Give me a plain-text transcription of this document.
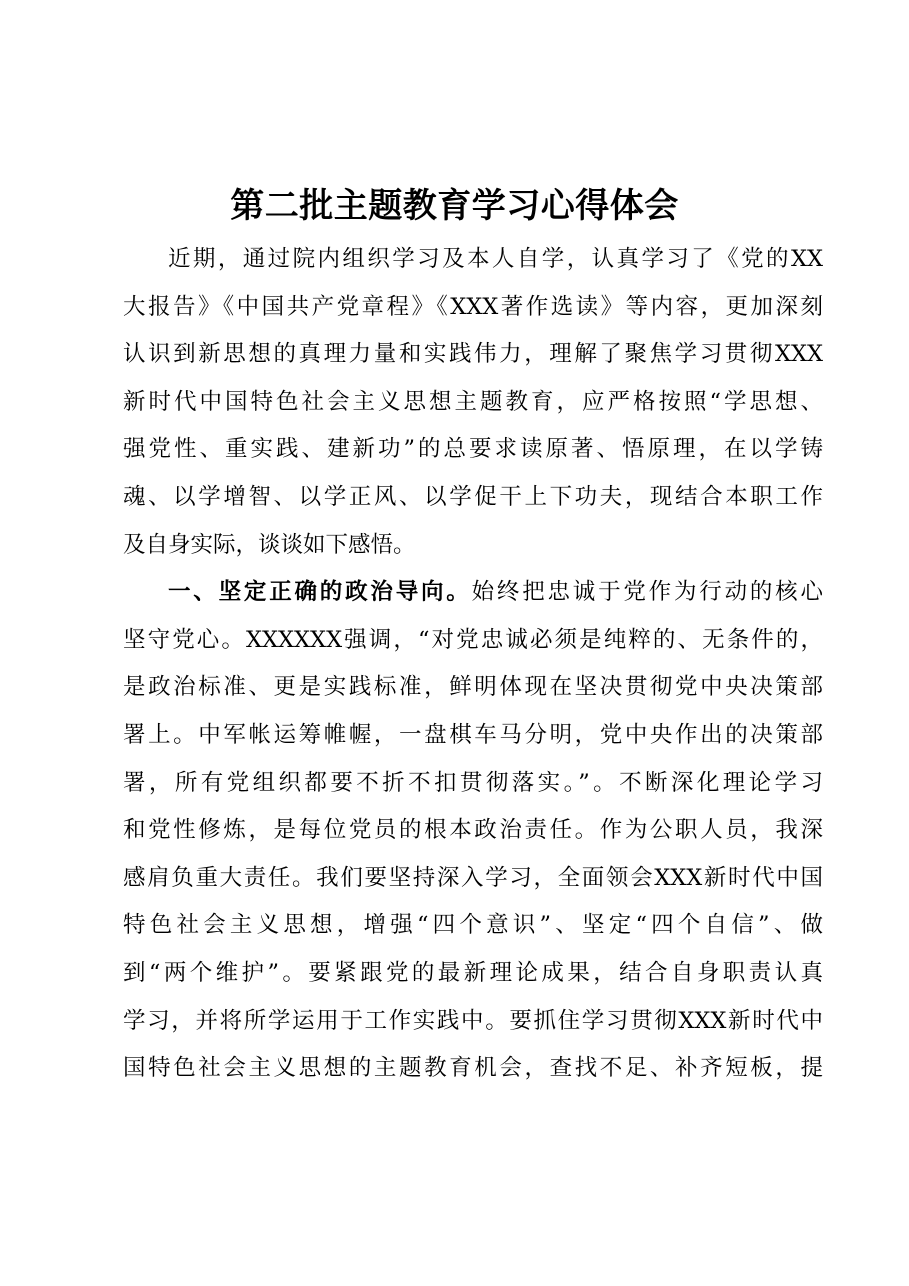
第二批主题教育学习心得体会
近期，通过院内组织学习及本人自学，认真学习了《党的XX
大报告》《中国共产党章程》《XXX著作选读》等内容，更加深刻
认识到新思想的真理力量和实践伟力，理解了聚焦学习贯彻XXX
新时代中国特色社会主义思想主题教育，应严格按照“学思想、
强党性、重实践、建新功”的总要求读原著、悟原理，在以学铸
魂、以学增智、以学正风、以学促干上下功夫，现结合本职工作
及自身实际，谈谈如下感悟。
一、坚定正确的政治导向。始终把忠诚于党作为行动的核心
坚守党心。XXXXXX强调，“对党忠诚必须是纯粹的、无条件的，
是政治标准、更是实践标准，鲜明体现在坚决贯彻党中央决策部
署上。中军帐运筹帷幄，一盘棋车马分明，党中央作出的决策部
署，所有党组织都要不折不扣贯彻落实。”。不断深化理论学习
和党性修炼，是每位党员的根本政治责任。作为公职人员，我深
感肩负重大责任。我们要坚持深入学习，全面领会XXX新时代中国
特色社会主义思想，增强“四个意识”、坚定“四个自信”、做
到“两个维护”。要紧跟党的最新理论成果，结合自身职责认真
学习，并将所学运用于工作实践中。要抓住学习贯彻XXX新时代中
国特色社会主义思想的主题教育机会，查找不足、补齐短板，提
